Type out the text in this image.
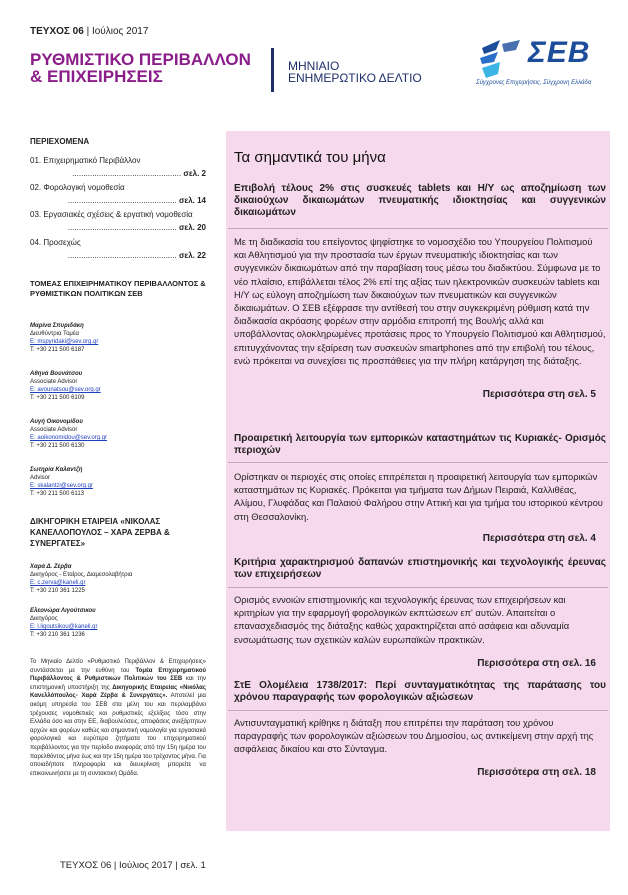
ΤΕΥΧΟΣ 06 | Ιούλιος 2017
ΡΥΘΜΙΣΤΙΚΟ ΠΕΡΙΒΑΛΛΟΝ
& ΕΠΙΧΕΙΡΗΣΕΙΣ
ΜΗΝΙΑΙΟ
ΕΝΗΜΕΡΩΤΙΚΟ ΔΕΛΤΙΟ
ΣΕΒ
Σύγχρονες Επιχειρήσεις, Σύγχρονη Ελλάδα
ΠΕΡΙΕΧΟΜΕΝΑ
01. Επιχειρηματικό Περιβάλλον
................................................. σελ. 2
02. Φορολογική νομοθεσία
................................................. σελ. 14
03. Εργασιακές σχέσεις & εργατική νομοθεσία
................................................. σελ. 20
04. Προσεχώς
................................................. σελ. 22
ΤΟΜΕΑΣ ΕΠΙΧΕΙΡΗΜΑΤΙΚΟΥ ΠΕΡΙΒΑΛΛΟΝΤΟΣ & ΡΥΘΜΙΣΤΙΚΩΝ ΠΟΛΙΤΙΚΩΝ ΣΕΒ
Μαρίνα Σπυριδάκη
Διευθύντρια Τομέα
E: mspyridaki@sev.org.gr
T: +30 211 500 6187
Αθηνά Βουνάτσου
Associate Advisor
E: avounatsou@sev.org.gr
T: +30 211 500 6109
Αυγή Οικονομίδου
Associate Advisor
E: aoikonomidou@sev.org.gr
T: +30 211 500 6130
Σωτηρία Καλαντζή
Advisor
E: skalantzi@sev.org.gr
T: +30 211 500 6113
ΔΙΚΗΓΟΡΙΚΗ ΕΤΑΙΡΕΙΑ «ΝΙΚΟΛΑΣ ΚΑΝΕΛΛΟΠΟΥΛΟΣ – ΧΑΡΑ ΖΕΡΒΑ & ΣΥΝΕΡΓΑΤΕΣ»
Χαρά Δ. Ζέρβα
Δικηγόρος - Εταίρος, Διαμεσολαβήτρια
E: c.zerva@kaneli.gr
T: +30 210 361 1225
Ελεονώρα Λιγούτσικου
Δικηγόρος
E: l.ligoutsikou@kaneli.gr
T: +30 210 361 1236
Το Μηνιαίο Δελτίο «Ρυθμιστικό Περιβάλλον & Επιχειρήσεις» συντάσσεται με την ευθύνη του Τομέα Επιχειρηματικού Περιβάλλοντος & Ρυθμιστικών Πολιτικών του ΣΕΒ και την επιστημονική υποστήριξη της Δικηγορικής Εταιρείας «Νικόλας Κανελλόπουλος- Χαρά Ζέρβα & Συνεργάτες». Αποτελεί μια ακόμη υπηρεσία του ΣΕΒ στα μέλη του και περιλαμβάνει τρέχουσες νομοθετικές και ρυθμιστικές εξελίξεις τόσο στην Ελλάδα όσο και στην ΕΕ, διαβουλεύσεις, αποφάσεις ανεξάρτητων αρχών και φορέων καθώς και σημαντική νομολογία για εργασιακά φορολογικά και ευρύτερα ζητήματα του επιχειρηματικού περιβάλλοντος για την περίοδο αναφοράς από την 15η ημέρα του παρελθόντος μήνα έως και την 15η ημέρα του τρέχοντος μήνα. Για οποιαδήποτε πληροφορία και διευκρίνιση μπορείτε να επικοινωνήσετε με τη συντακτική Ομάδα.
ΤΕΥΧΟΣ 06 | Ιούλιος 2017 | σελ. 1
Τα σημαντικά του μήνα
Επιβολή τέλους 2% στις συσκευές tablets και Η/Υ ως αποζημίωση των δικαιούχων δικαιωμάτων πνευματικής ιδιοκτησίας και συγγενικών δικαιωμάτων
Με τη διαδικασία του επείγοντος ψηφίστηκε το νομοσχέδιο του Υπουργείου Πολιτισμού και Αθλητισμού για την προστασία των έργων πνευματικής ιδιοκτησίας και των συγγενικών δικαιωμάτων από την παραβίαση τους μέσω του διαδικτύου. Σύμφωνα με το νέο πλαίσιο, επιβάλλεται τέλος 2% επί της αξίας των ηλεκτρονικών συσκευών tablets και Η/Υ ως εύλογη αποζημίωση των δικαιούχων των πνευματικών και συγγενικών δικαιωμάτων. Ο ΣΕΒ εξέφρασε την αντίθεσή του στην συγκεκριμένη ρύθμιση κατά την διαδικασία ακρόασης φορέων στην αρμόδια επιτροπή της Βουλής αλλά και υποβάλλοντας ολοκληρωμένες προτάσεις προς το Υπουργείο Πολιτισμού και Αθλητισμού, επιτυγχάνοντας την εξαίρεση των συσκευών smartphones από την επιβολή του τέλους, ενώ πρόκειται να συνεχίσει τις προσπάθειες για την πλήρη κατάργηση της διάταξης.
Περισσότερα στη σελ. 5
Προαιρετική λειτουργία των εμπορικών καταστημάτων τις Κυριακές- Ορισμός περιοχών
Ορίστηκαν οι περιοχές στις οποίες επιτρέπεται η προαιρετική λειτουργία των εμπορικών καταστημάτων τις Κυριακές. Πρόκειται για τμήματα των Δήμων Πειραιά, Καλλιθέας, Αλίμου, Γλυφάδας και Παλαιού Φαλήρου στην Αττική και για τμήμα του ιστορικού κέντρου στη Θεσσαλονίκη.
Περισσότερα στη σελ. 4
Κριτήρια χαρακτηρισμού δαπανών επιστημονικής και τεχνολογικής έρευνας των επιχειρήσεων
Ορισμός εννοιών επιστημονικής και τεχνολογικής έρευνας των επιχειρήσεων και κριτηρίων για την εφαρμογή φορολογικών εκπτώσεων επ' αυτών. Απαιτείται ο επανασχεδιασμός της διάταξης καθώς χαρακτηρίζεται από ασάφεια και αδυναμία ενσωμάτωσης των σχετικών καλών ευρωπαϊκών πρακτικών.
Περισσότερα στη σελ. 16
ΣτΕ Ολομέλεια 1738/2017: Περί συνταγματικότητας της παράτασης του χρόνου παραγραφής των φορολογικών αξιώσεων
Αντισυνταγματική κρίθηκε η διάταξη που επιτρέπει την παράταση του χρόνου παραγραφής των φορολογικών αξιώσεων του Δημοσίου, ως αντικείμενη στην αρχή της ασφάλειας δικαίου και στο Σύνταγμα.
Περισσότερα στη σελ. 18
